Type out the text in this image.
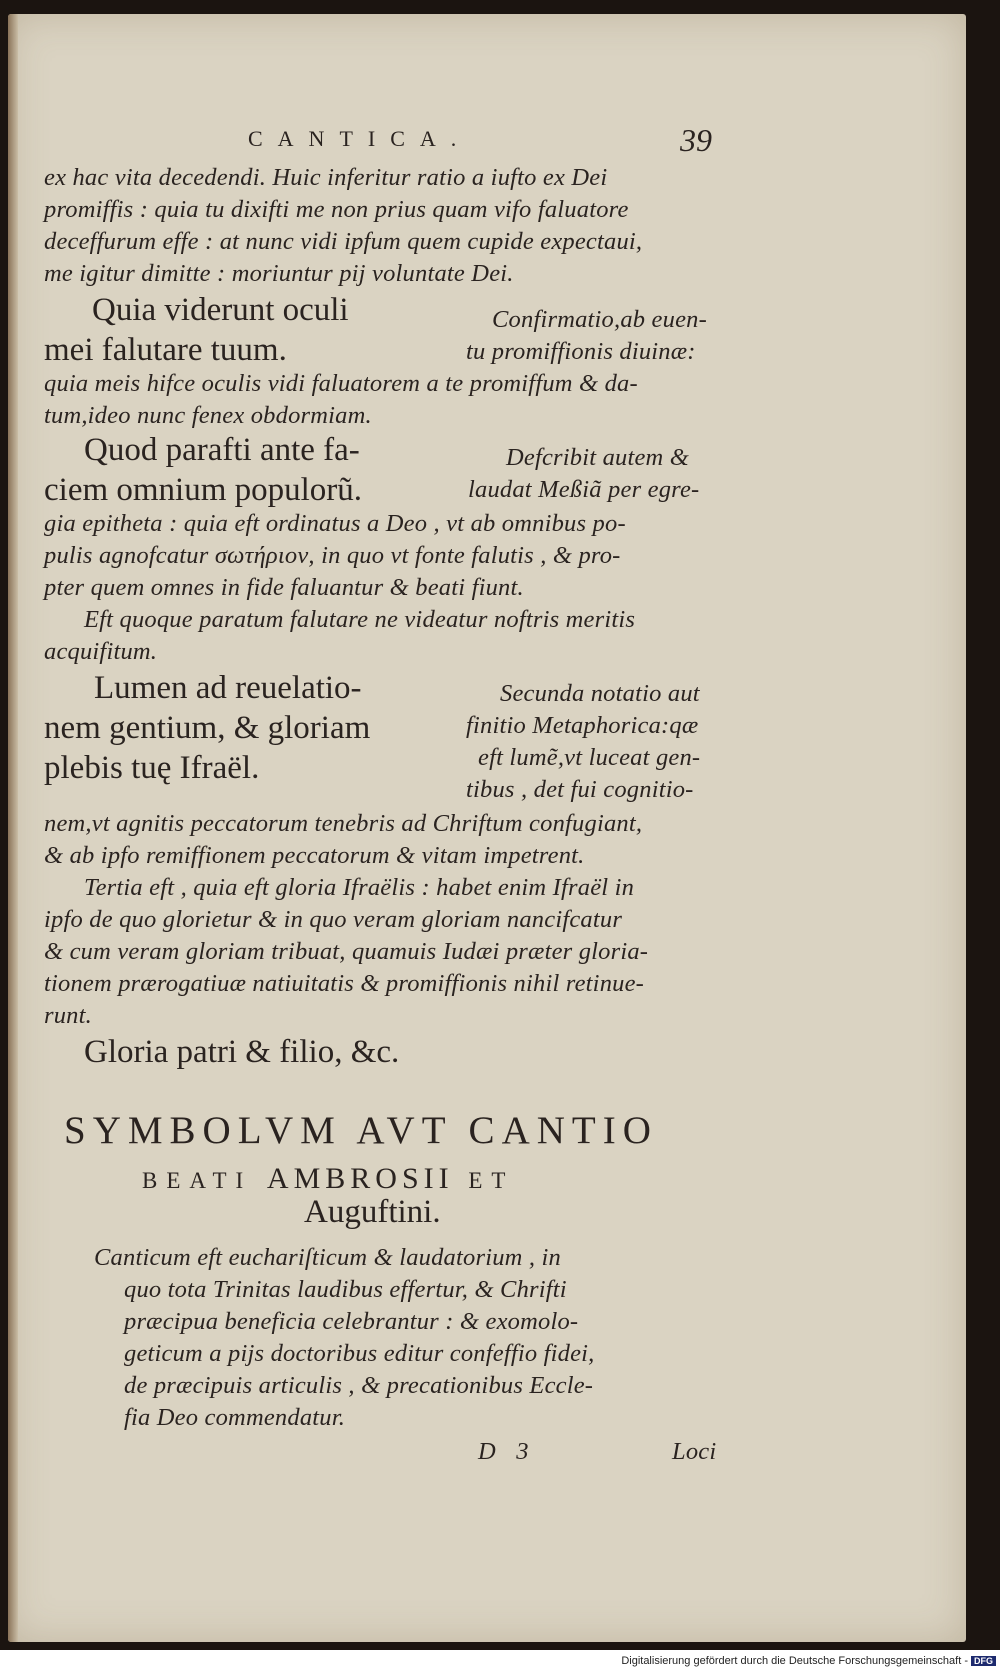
CANTICA.	39
ex hac vita decedendi. Huic inferitur ratio a iufto ex Dei
promiffis : quia tu dixifti me non prius quam vifo faluatore
deceffurum effe : at nunc vidi ipfum quem cupide expectaui,
me igitur dimitte : moriuntur pij voluntate Dei.
Quia viderunt oculi
mei falutare tuum.
Confirmatio,ab euen-
tu promiffionis diuinæ:
quia meis hifce oculis vidi faluatorem a te promiffum & da-
tum,ideo nunc fenex obdormiam.
Quod parafti ante fa-
ciem omnium populorũ.
Defcribit autem &
laudat Meßiã per egre-
gia epitheta : quia eft ordinatus a Deo , vt ab omnibus po-
pulis agnofcatur σωτήριον, in quo vt fonte falutis , & pro-
pter quem omnes in fide faluantur & beati fiunt.
Eft quoque paratum falutare ne videatur noftris meritis
acquifitum.
Lumen ad reuelatio-
nem gentium, & gloriam
plebis tuę Ifraël.
Secunda notatio aut
finitio Metaphorica:qæ
eft lumẽ,vt luceat gen-
tibus , det fui cognitio-
nem,vt agnitis peccatorum tenebris ad Chriftum confugiant,
& ab ipfo remiffionem peccatorum & vitam impetrent.
Tertia eft , quia eft gloria Ifraëlis : habet enim Ifraël in
ipfo de quo glorietur & in quo veram gloriam nancifcatur
& cum veram gloriam tribuat, quamuis Iudæi præter gloria-
tionem prærogatiuæ natiuitatis & promiffionis nihil retinue-
runt.
Gloria patri & filio, &c.
SYMBOLVM AVT CANTIO
BEATI AMBROSII ET
Auguftini.
Canticum eft euchariſticum & laudatorium , in
quo tota Trinitas laudibus effertur, & Chrifti
præcipua beneficia celebrantur : & exomolo-
geticum a pijs doctoribus editur confeffio fidei,
de præcipuis articulis , & precationibus Eccle-
fia Deo commendatur.
D 3	Loci
Digitalisierung gefördert durch die Deutsche Forschungsgemeinschaft - DFG
